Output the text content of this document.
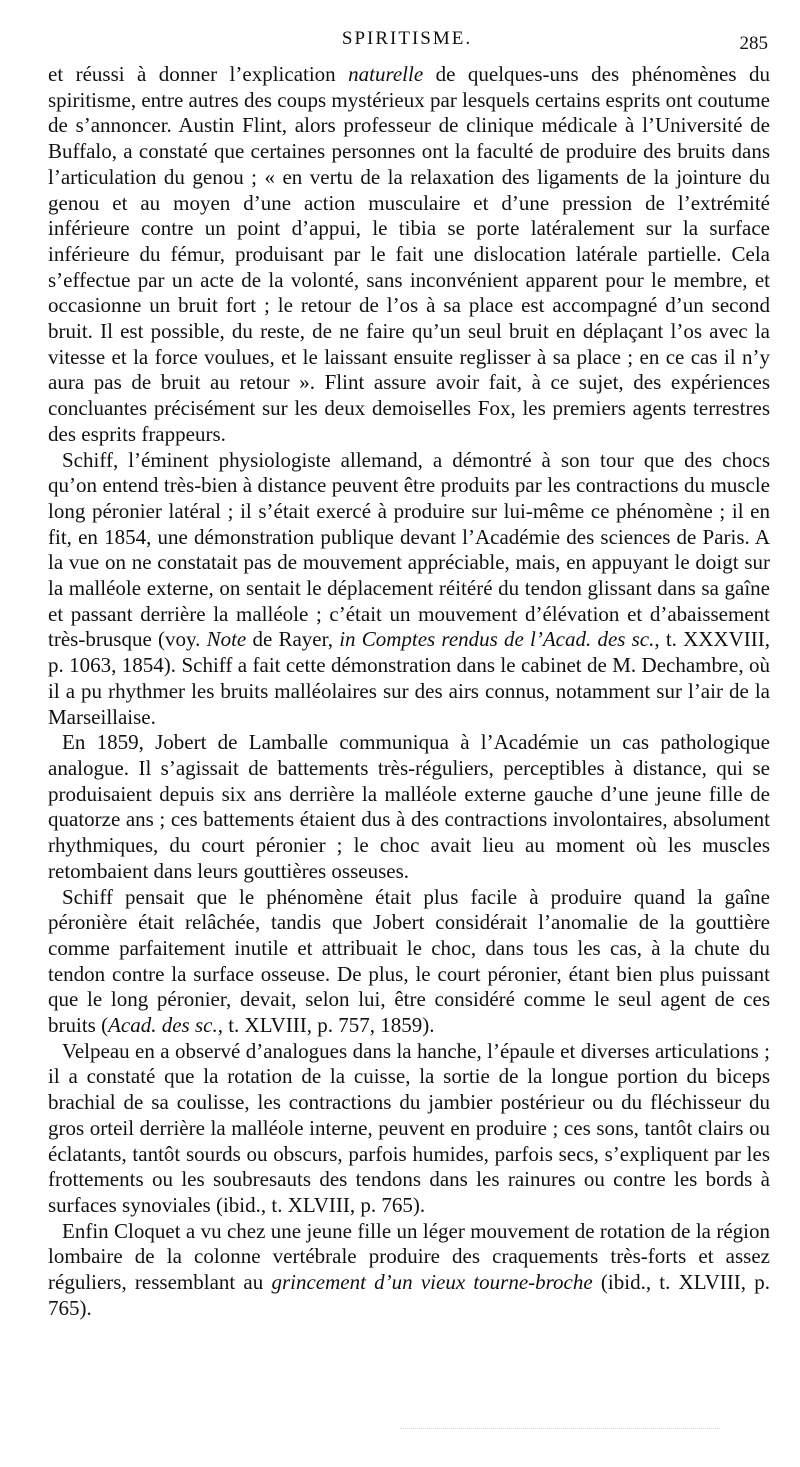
SPIRITISME.	285

et réussi à donner l’explication naturelle de quelques-uns des phénomènes du spiritisme, entre autres des coups mystérieux par lesquels certains esprits ont coutume de s’annoncer. Austin Flint, alors professeur de clinique médicale à l’Université de Buffalo, a constaté que certaines personnes ont la faculté de produire des bruits dans l’articulation du genou ; « en vertu de la relaxation des ligaments de la jointure du genou et au moyen d’une action musculaire et d’une pression de l’extrémité inférieure contre un point d’appui, le tibia se porte latéralement sur la surface inférieure du fémur, produisant par le fait une dislocation latérale partielle. Cela s’effectue par un acte de la volonté, sans inconvénient apparent pour le membre, et occasionne un bruit fort ; le retour de l’os à sa place est accompagné d’un second bruit. Il est possible, du reste, de ne faire qu’un seul bruit en déplaçant l’os avec la vitesse et la force voulues, et le laissant ensuite reglisser à sa place ; en ce cas il n’y aura pas de bruit au retour ». Flint assure avoir fait, à ce sujet, des expériences concluantes précisément sur les deux demoiselles Fox, les premiers agents terrestres des esprits frappeurs.

Schiff, l’éminent physiologiste allemand, a démontré à son tour que des chocs qu’on entend très-bien à distance peuvent être produits par les contractions du muscle long péronier latéral ; il s’était exercé à produire sur lui-même ce phénomène ; il en fit, en 1854, une démonstration publique devant l’Académie des sciences de Paris. A la vue on ne constatait pas de mouvement appréciable, mais, en appuyant le doigt sur la malléole externe, on sentait le déplacement réitéré du tendon glissant dans sa gaîne et passant derrière la malléole ; c’était un mouvement d’élévation et d’abaissement très-brusque (voy. Note de Rayer, in Comptes rendus de l’Acad. des sc., t. XXXVIII, p. 1063, 1854). Schiff a fait cette démonstration dans le cabinet de M. Dechambre, où il a pu rhythmer les bruits malléolaires sur des airs connus, notamment sur l’air de la Marseillaise.

En 1859, Jobert de Lamballe communiqua à l’Académie un cas pathologique analogue. Il s’agissait de battements très-réguliers, perceptibles à distance, qui se produisaient depuis six ans derrière la malléole externe gauche d’une jeune fille de quatorze ans ; ces battements étaient dus à des contractions involontaires, absolument rhythmiques, du court péronier ; le choc avait lieu au moment où les muscles retombaient dans leurs gouttières osseuses.

Schiff pensait que le phénomène était plus facile à produire quand la gaîne péronière était relâchée, tandis que Jobert considérait l’anomalie de la gouttière comme parfaitement inutile et attribuait le choc, dans tous les cas, à la chute du tendon contre la surface osseuse. De plus, le court péronier, étant bien plus puissant que le long péronier, devait, selon lui, être considéré comme le seul agent de ces bruits (Acad. des sc., t. XLVIII, p. 757, 1859).

Velpeau en a observé d’analogues dans la hanche, l’épaule et diverses articulations ; il a constaté que la rotation de la cuisse, la sortie de la longue portion du biceps brachial de sa coulisse, les contractions du jambier postérieur ou du fléchisseur du gros orteil derrière la malléole interne, peuvent en produire ; ces sons, tantôt clairs ou éclatants, tantôt sourds ou obscurs, parfois humides, parfois secs, s’expliquent par les frottements ou les soubresauts des tendons dans les rainures ou contre les bords à surfaces synoviales (ibid., t. XLVIII, p. 765).

Enfin Cloquet a vu chez une jeune fille un léger mouvement de rotation de la région lombaire de la colonne vertébrale produire des craquements très-forts et assez réguliers, ressemblant au grincement d’un vieux tourne-broche (ibid., t. XLVIII, p. 765).
